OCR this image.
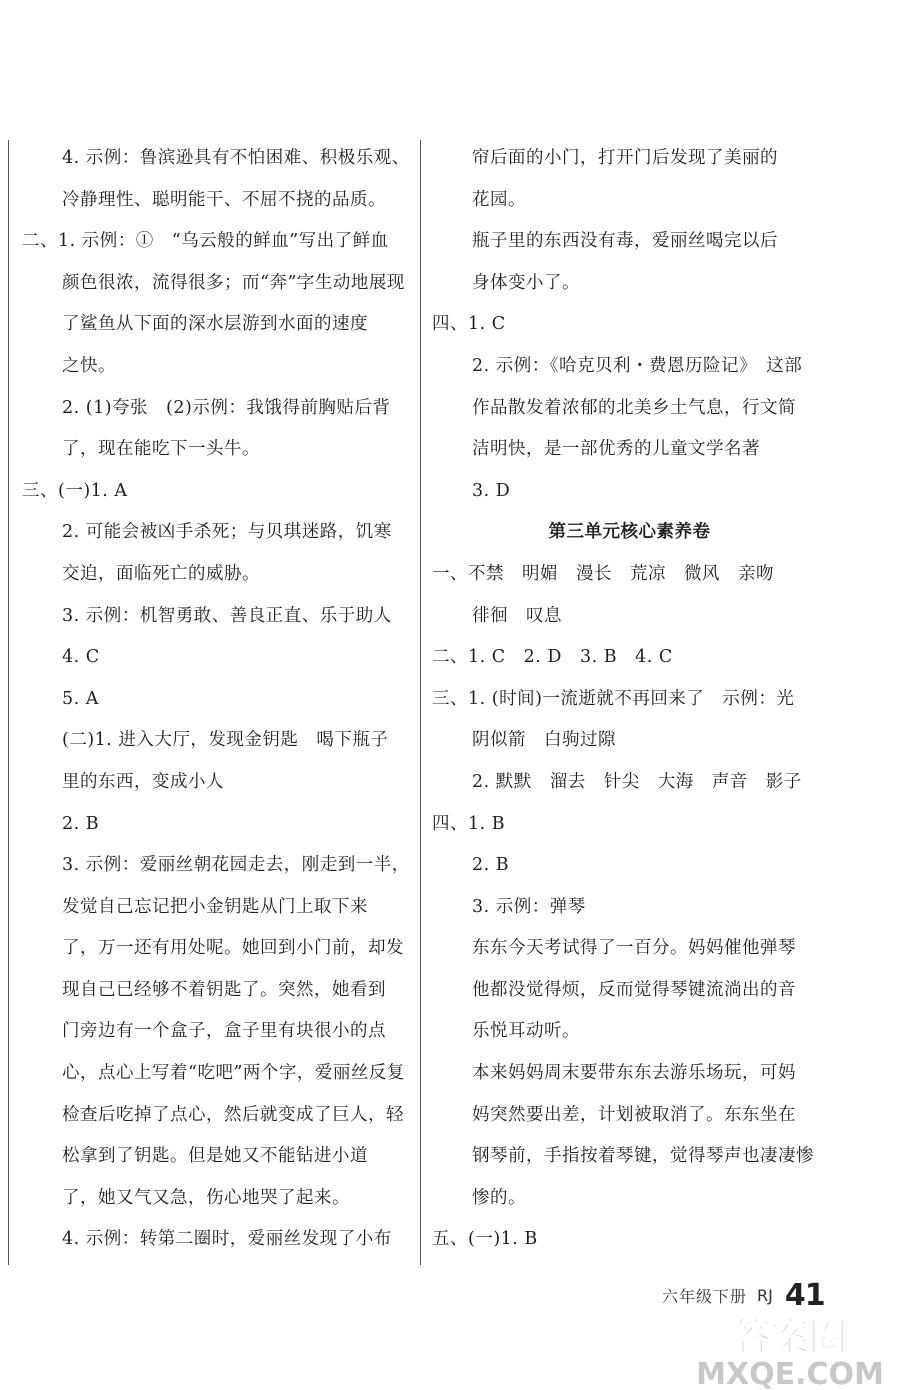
4. 示例：鲁滨逊具有不怕困难、积极乐观、
冷静理性、聪明能干、不屈不挠的品质。
二、1. 示例：①　“乌云般的鲜血”写出了鲜血
颜色很浓，流得很多；而“奔”字生动地展现
了鲨鱼从下面的深水层游到水面的速度
之快。
2. (1)夸张　(2)示例：我饿得前胸贴后背
了，现在能吃下一头牛。
三、(一)1. A
2. 可能会被凶手杀死；与贝琪迷路，饥寒
交迫，面临死亡的威胁。
3. 示例：机智勇敢、善良正直、乐于助人
4. C
5. A
(二)1. 进入大厅，发现金钥匙　喝下瓶子
里的东西，变成小人
2. B
3. 示例：爱丽丝朝花园走去，刚走到一半，
发觉自己忘记把小金钥匙从门上取下来
了，万一还有用处呢。她回到小门前，却发
现自己已经够不着钥匙了。突然，她看到
门旁边有一个盒子，盒子里有块很小的点
心，点心上写着“吃吧”两个字，爱丽丝反复
检查后吃掉了点心，然后就变成了巨人，轻
松拿到了钥匙。但是她又不能钻进小道
了，她又气又急，伤心地哭了起来。
4. 示例：转第二圈时，爱丽丝发现了小布
帘后面的小门，打开门后发现了美丽的
花园。
瓶子里的东西没有毒，爱丽丝喝完以后
身体变小了。
四、1. C
2. 示例：《哈克贝利・费恩历险记》　这部
作品散发着浓郁的北美乡土气息，行文简
洁明快，是一部优秀的儿童文学名著
3. D
第三单元核心素养卷
一、不禁　明媚　漫长　荒凉　微风　亲吻
徘徊　叹息
二、1. C　2. D　3. B　4. C
三、1. (时间)一流逝就不再回来了　示例：光
阴似箭　白驹过隙
2. 默默　溜去　针尖　大海　声音　影子
四、1. B
2. B
3. 示例：弹琴
东东今天考试得了一百分。妈妈催他弹琴
他都没觉得烦，反而觉得琴键流淌出的音
乐悦耳动听。
本来妈妈周末要带东东去游乐场玩，可妈
妈突然要出差，计划被取消了。东东坐在
钢琴前，手指按着琴键，觉得琴声也凄凄惨
惨的。
五、(一)1. B
六年级下册 RJ 41
答案圈
MXQE.COM
